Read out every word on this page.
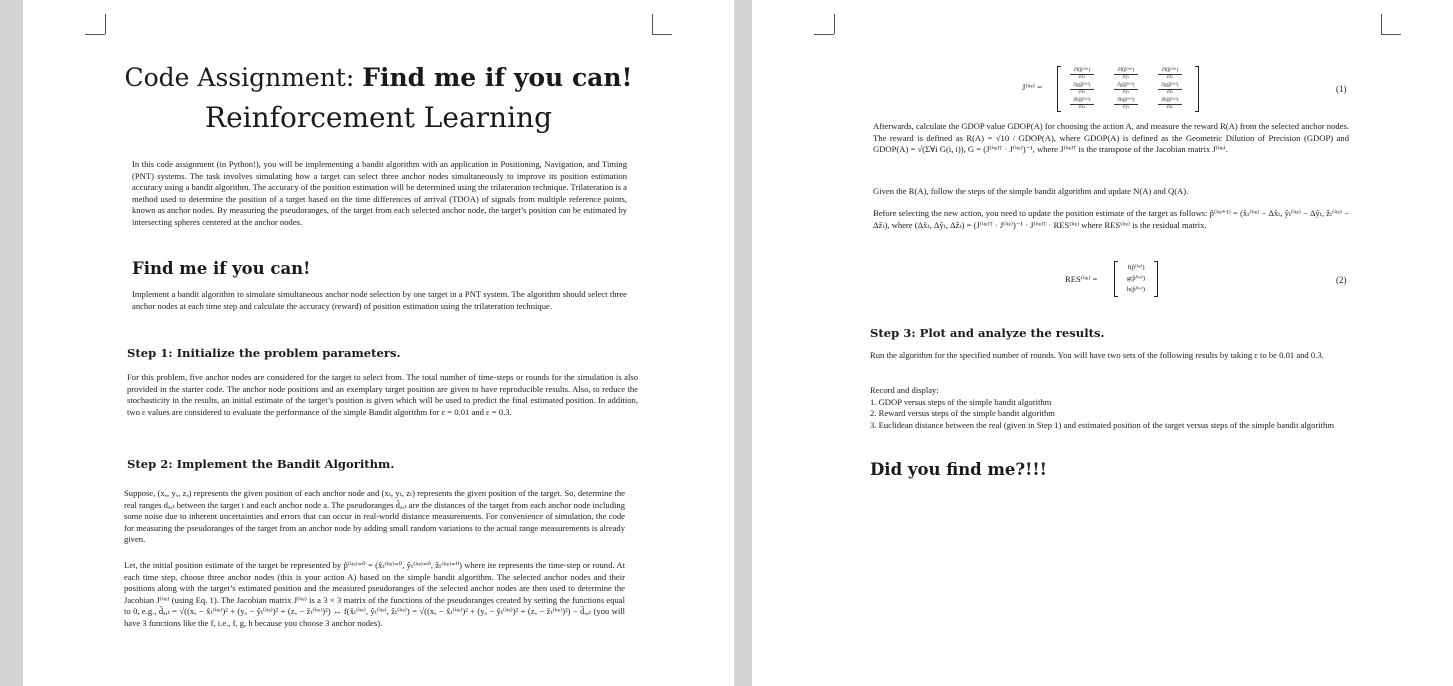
Code Assignment: Find me if you can!
Reinforcement Learning
In this code assignment (in Python!), you will be implementing a bandit algorithm with an application in Positioning, Navigation, and Timing (PNT) systems. The task involves simulating how a target can select three anchor nodes simultaneously to improve its position estimation accuracy using a bandit algorithm. The accuracy of the position estimation will be determined using the trilateration technique. Trilateration is a method used to determine the position of a target based on the time differences of arrival (TDOA) of signals from multiple reference points, known as anchor nodes. By measuring the pseudoranges, of the target from each selected anchor node, the target’s position can be estimated by intersecting spheres centered at the anchor nodes.
Find me if you can!
Implement a bandit algorithm to simulate simultaneous anchor node selection by one target in a PNT system. The algorithm should select three anchor nodes at each time step and calculate the accuracy (reward) of position estimation using the trilateration technique.
Step 1: Initialize the problem parameters.
For this problem, five anchor nodes are considered for the target to select from. The total number of time-steps or rounds for the simulation is also provided in the starter code. The anchor node positions and an exemplary target position are given to have reproducible results. Also, to reduce the stochasticity in the results, an initial estimate of the target’s position is given which will be used to predict the final estimated position. In addition, two ε values are considered to evaluate the performance of the simple Bandit algorithm for ε = 0.01 and ε = 0.3.
Step 2: Implement the Bandit Algorithm.
Suppose, (xₐ, yₐ, zₐ) represents the given position of each anchor node and (xₜ, yₜ, zₜ) represents the given position of the target. So, determine the real ranges dₐ,ₜ between the target t and each anchor node a. The pseudoranges d̂ₐ,ₜ are the distances of the target from each anchor node including some noise due to inherent uncertainties and errors that can occur in real-world distance measurements. For convenience of simulation, the code for measuring the pseudoranges of the target from an anchor node by adding small random variations to the actual range measurements is already given.
Let, the initial position estimate of the target be represented by p̂⁽ⁱᵗᵉ⁾⁼⁰ = (x̂ₜ⁽ⁱᵗᵉ⁾⁼⁰, ŷₜ⁽ⁱᵗᵉ⁾⁼⁰, ẑₜ⁽ⁱᵗᵉ⁾⁼⁰) where ite represents the time-step or round. At each time step, choose three anchor nodes (this is your action A) based on the simple bandit algorithm. The selected anchor nodes and their positions along with the target’s estimated position and the measured pseudoranges of the selected anchor nodes are then used to determine the Jacobian J⁽ⁱᵗᵉ⁾ (using Eq. 1). The Jacobian matrix J⁽ⁱᵗᵉ⁾ is a 3 × 3 matrix of the functions of the pseudoranges created by setting the functions equal to 0, e.g., d̂ₐ,ₜ = √((xₐ − x̂ₜ⁽ⁱᵗᵉ⁾)² + (yₐ − ŷₜ⁽ⁱᵗᵉ⁾)² + (zₐ − ẑₜ⁽ⁱᵗᵉ⁾)²) ↔ f(x̂ₜ⁽ⁱᵗᵉ⁾, ŷₜ⁽ⁱᵗᵉ⁾, ẑₜ⁽ⁱᵗᵉ⁾) = √((xₐ − x̂ₜ⁽ⁱᵗᵉ⁾)² + (yₐ − ŷₜ⁽ⁱᵗᵉ⁾)² + (zₐ − ẑₜ⁽ⁱᵗᵉ⁾)²) − d̂ₐ,ₜ (you will have 3 functions like the f, i.e., f, g, h because you choose 3 anchor nodes).
J⁽ⁱᵗᵉ⁾ =
∂f(p̂⁽ⁱᵗᵉ⁾)
∂x̂ₜ
∂f(p̂⁽ⁱᵗᵉ⁾)
∂ŷₜ
∂f(p̂⁽ⁱᵗᵉ⁾)
∂ẑₜ
∂g(p̂⁽ⁱᵗᵉ⁾)
∂x̂ₜ
∂g(p̂⁽ⁱᵗᵉ⁾)
∂ŷₜ
∂g(p̂⁽ⁱᵗᵉ⁾)
∂ẑₜ
∂h(p̂⁽ⁱᵗᵉ⁾)
∂x̂ₜ
∂h(p̂⁽ⁱᵗᵉ⁾)
∂ŷₜ
∂h(p̂⁽ⁱᵗᵉ⁾)
∂ẑₜ
(1)
Afterwards, calculate the GDOP value GDOP(A) for choosing the action A, and measure the reward R(A) from the selected anchor nodes. The reward is defined as R(A) = √10 / GDOP(A), where GDOP(A) is defined as the Geometric Dilution of Precision (GDOP) and GDOP(A) = √(Σ∀i G(i, i)), G = (J⁽ⁱᵗᵉ⁾ᵀ · J⁽ⁱᵗᵉ⁾)⁻¹, where J⁽ⁱᵗᵉ⁾ᵀ is the transpose of the Jacobian matrix J⁽ⁱᵗᵉ⁾.
Given the R(A), follow the steps of the simple bandit algorithm and update N(A) and Q(A).
Before selecting the new action, you need to update the position estimate of the target as follows: p̂⁽ⁱᵗᵉ⁺¹⁾ = (x̂ₜ⁽ⁱᵗᵉ⁾ − Δx̂ₜ, ŷₜ⁽ⁱᵗᵉ⁾ − Δŷₜ, ẑₜ⁽ⁱᵗᵉ⁾ − Δẑₜ), where (Δx̂ₜ, Δŷₜ, Δẑₜ) = (J⁽ⁱᵗᵉ⁾ᵀ · J⁽ⁱᵗᵉ⁾)⁻¹ · J⁽ⁱᵗᵉ⁾ᵀ · RES⁽ⁱᵗᵉ⁾ where RES⁽ⁱᵗᵉ⁾ is the residual matrix.
RES⁽ⁱᵗᵉ⁾ =
f(p̂⁽ⁱᵗᵉ⁾)
g(p̂⁽ⁱᵗᵉ⁾)
h(p̂⁽ⁱᵗᵉ⁾)
(2)
Step 3: Plot and analyze the results.
Run the algorithm for the specified number of rounds. You will have two sets of the following results by taking ε to be 0.01 and 0.3.
Record and display:
1. GDOP versus steps of the simple bandit algorithm
2. Reward versus steps of the simple bandit algorithm
3. Euclidean distance between the real (given in Step 1) and estimated position of the target versus steps of the simple bandit algorithm
Did you find me?!!!
